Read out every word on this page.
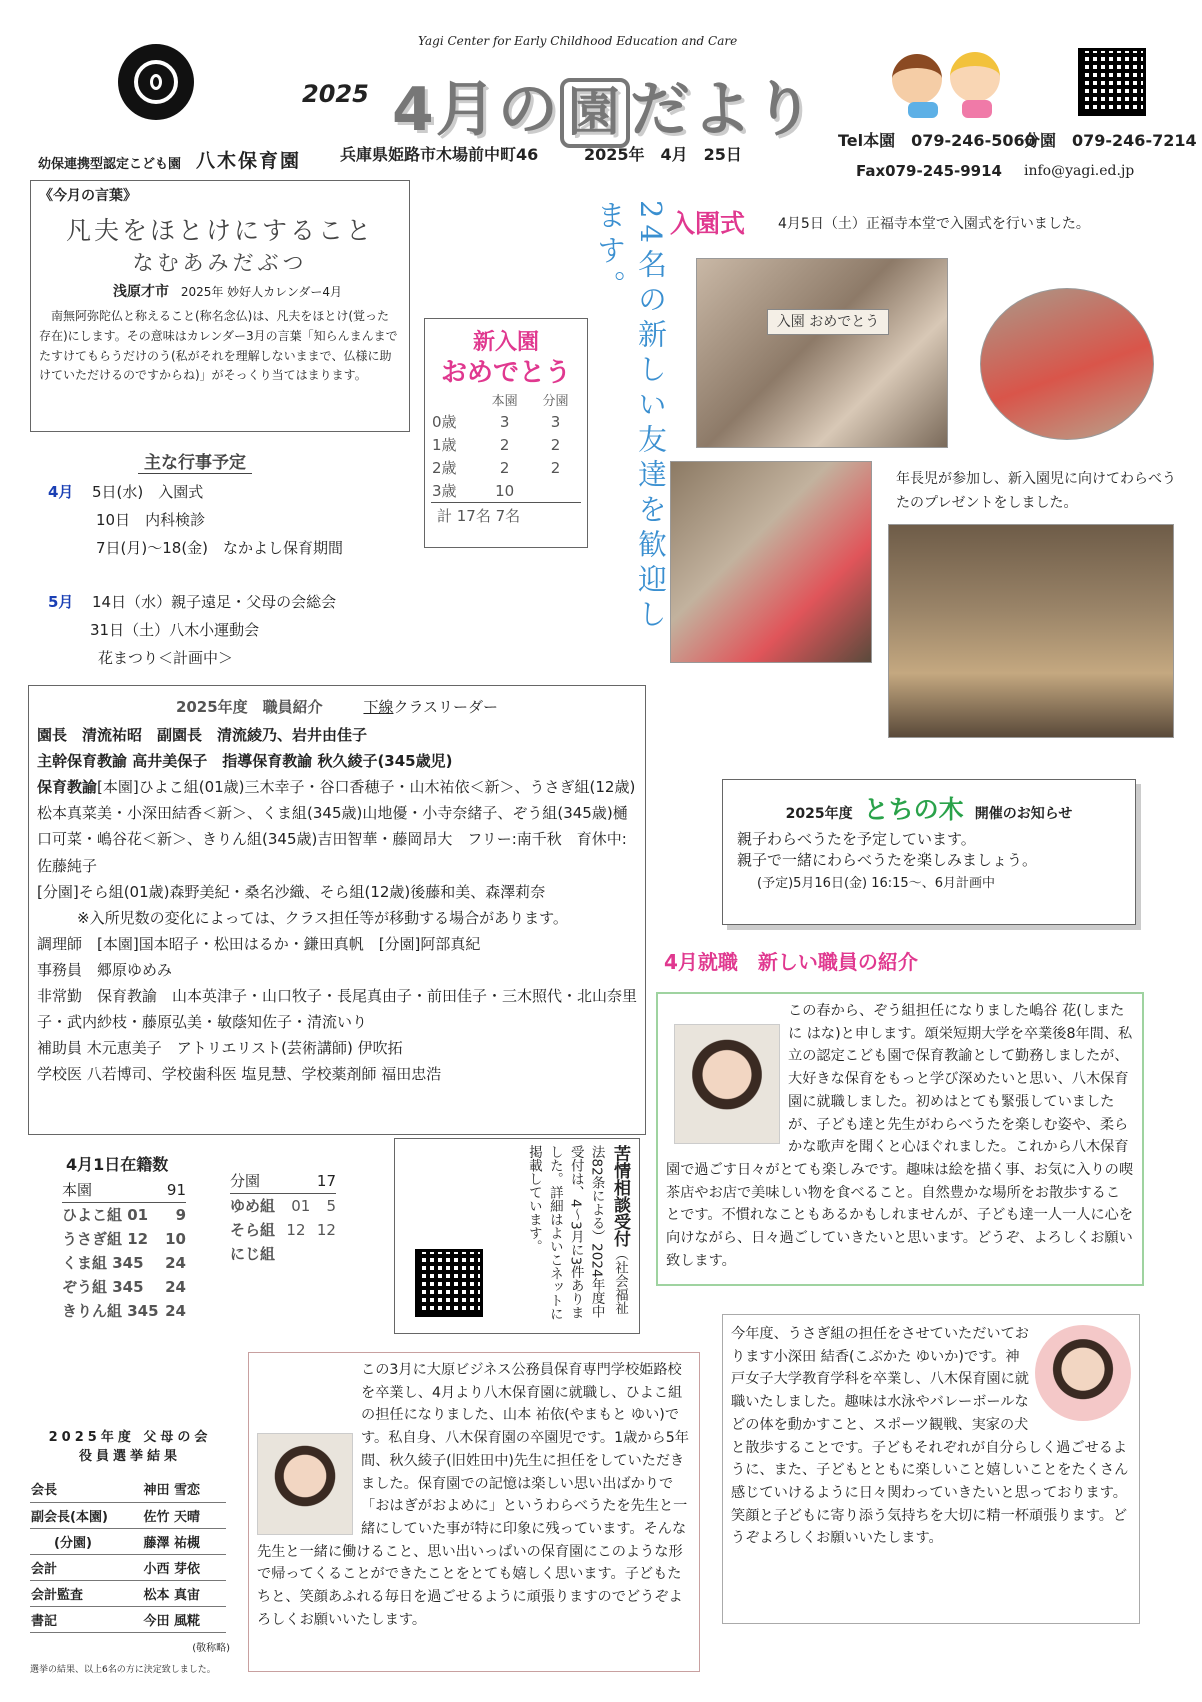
2025
Yagi Center for Early Childhood Education and Care
4月の 園 だより
幼保連携型認定こども園 八木保育園 兵庫県姫路市木場前中町46	2025年　4月　25日
Tel本園　079-246-5060
分園　079-246-7214
Fax079-245-9914 info@yagi.ed.jp
《今月の言葉》
凡夫をほとけにすること
なむあみだぶつ
浅原才市 2025年 妙好人カレンダー4月
南無阿弥陀仏と称えること(称名念仏)は、凡夫をほとけ(覚った存在)にします。その意味はカレンダー3月の言葉「知らんまんまでたすけてもらうだけのう(私がそれを理解しないままで、仏様に助けていただけるのですからね)」がそっくり当てはまります。
主な行事予定
4月 5日(水)　入園式
10日　内科検診
7日(月)～18(金)　なかよし保育期間
5月 14日（水）親子遠足・父母の会総会
31日（土）八木小運動会
花まつり＜計画中＞
新入園
おめでとう
	本園	分園
0歳	3	3
1歳	2	2
2歳	2	2
3歳	10	
計 17名 7名	24名の新しい友達を歓迎します。	入園式 4月5日（土）正福寺本堂で入園式を行いました。
入園 おめでとう
年長児が参加し、新入園児に向けてわらべうたのプレゼントをしました。
2025年度　職員紹介	下線クラスリーダー
園長　清流祐昭　副園長　清流綾乃、岩井由佳子
主幹保育教諭 高井美保子　指導保育教諭 秋久綾子(345歳児)
保育教諭[本園]ひよこ組(01歳)三木幸子・谷口香穂子・山木祐依＜新＞、うさぎ組(12歳)松本真菜美・小深田結香＜新＞、くま組(345歳)山地優・小寺奈緒子、ぞう組(345歳)樋口可菜・嶋谷花＜新＞、きりん組(345歳)吉田智華・藤岡昂大　フリー:南千秋　育休中:佐藤純子
[分園]そら組(01歳)森野美紀・桑名沙織、そら組(12歳)後藤和美、森澤莉奈
※入所児数の変化によっては、クラス担任等が移動する場合があります。
調理師　[本園]国本昭子・松田はるか・鎌田真帆　[分園]阿部真紀
事務員　郷原ゆめみ
非常勤　保育教諭　山本英津子・山口牧子・長尾真由子・前田佳子・三木照代・北山奈里子・武内紗枝・藤原弘美・敏蔭知佐子・清流いり
補助員 木元恵美子　アトリエリスト(芸術講師) 伊吹拓
学校医 八若博司、学校歯科医 塩見慧、学校薬剤師 福田忠浩
2025年度 とちの木 開催のお知らせ
親子わらべうたを予定しています。
親子で一緒にわらべうたを楽しみましょう。
(予定)5月16日(金) 16:15～、6月計画中
4月就職　新しい職員の紹介
この春から、ぞう組担任になりました嶋谷 花(しまたに はな)と申します。頌栄短期大学を卒業後8年間、私立の認定こども園で保育教諭として勤務しましたが、大好きな保育をもっと学び深めたいと思い、八木保育園に就職しました。初めはとても緊張していましたが、子ども達と先生がわらべうたを楽しむ姿や、柔らかな歌声を聞くと心ほぐれました。これから八木保育園で過ごす日々がとても楽しみです。趣味は絵を描く事、お気に入りの喫茶店やお店で美味しい物を食べること。自然豊かな場所をお散歩することです。不慣れなこともあるかもしれませんが、子ども達一人一人に心を向けながら、日々過ごしていきたいと思います。どうぞ、よろしくお願い致します。
4月1日在籍数
本園	91
ひよこ組 01 9
うさぎ組 12 10
くま組 345 24
ぞう組 345 24
きりん組 345 24
分園	17
ゆめ組 01 5
そら組 12 12
にじ組
苦情相談受付（社会福祉法82条による）2024年度中受付は、4～3月に3件ありました。詳細はよいこネットに掲載しています。
2025年度 父母の会
役員選挙結果
会長	神田 雪恋
副会長(本園)	佐竹 天晴
(分園)	藤澤 祐槻
会計	小西 芽依
会計監査	松本 真宙
書記	今田 風糀
(敬称略)
選挙の結果、以上6名の方に決定致しました。
この3月に大原ビジネス公務員保育専門学校姫路校を卒業し、4月より八木保育園に就職し、ひよこ組の担任になりました、山本 祐依(やまもと ゆい)です。私自身、八木保育園の卒園児です。1歳から5年間、秋久綾子(旧姓田中)先生に担任をしていただきました。保育園での記憶は楽しい思い出ばかりで「おはぎがおよめに」というわらべうたを先生と一緒にしていた事が特に印象に残っています。そんな先生と一緒に働けること、思い出いっぱいの保育園にこのような形で帰ってくることができたことをとても嬉しく思います。子どもたちと、笑顔あふれる毎日を過ごせるように頑張りますのでどうぞよろしくお願いいたします。
今年度、うさぎ組の担任をさせていただいております小深田 結香(こぶかた ゆいか)です。神戸女子大学教育学科を卒業し、八木保育園に就職いたしました。趣味は水泳やバレーボールなどの体を動かすこと、スポーツ観戦、実家の犬と散歩することです。子どもそれぞれが自分らしく過ごせるように、また、子どもとともに楽しいこと嬉しいことをたくさん感じていけるように日々関わっていきたいと思っております。笑顔と子どもに寄り添う気持ちを大切に精一杯頑張ります。どうぞよろしくお願いいたします。
